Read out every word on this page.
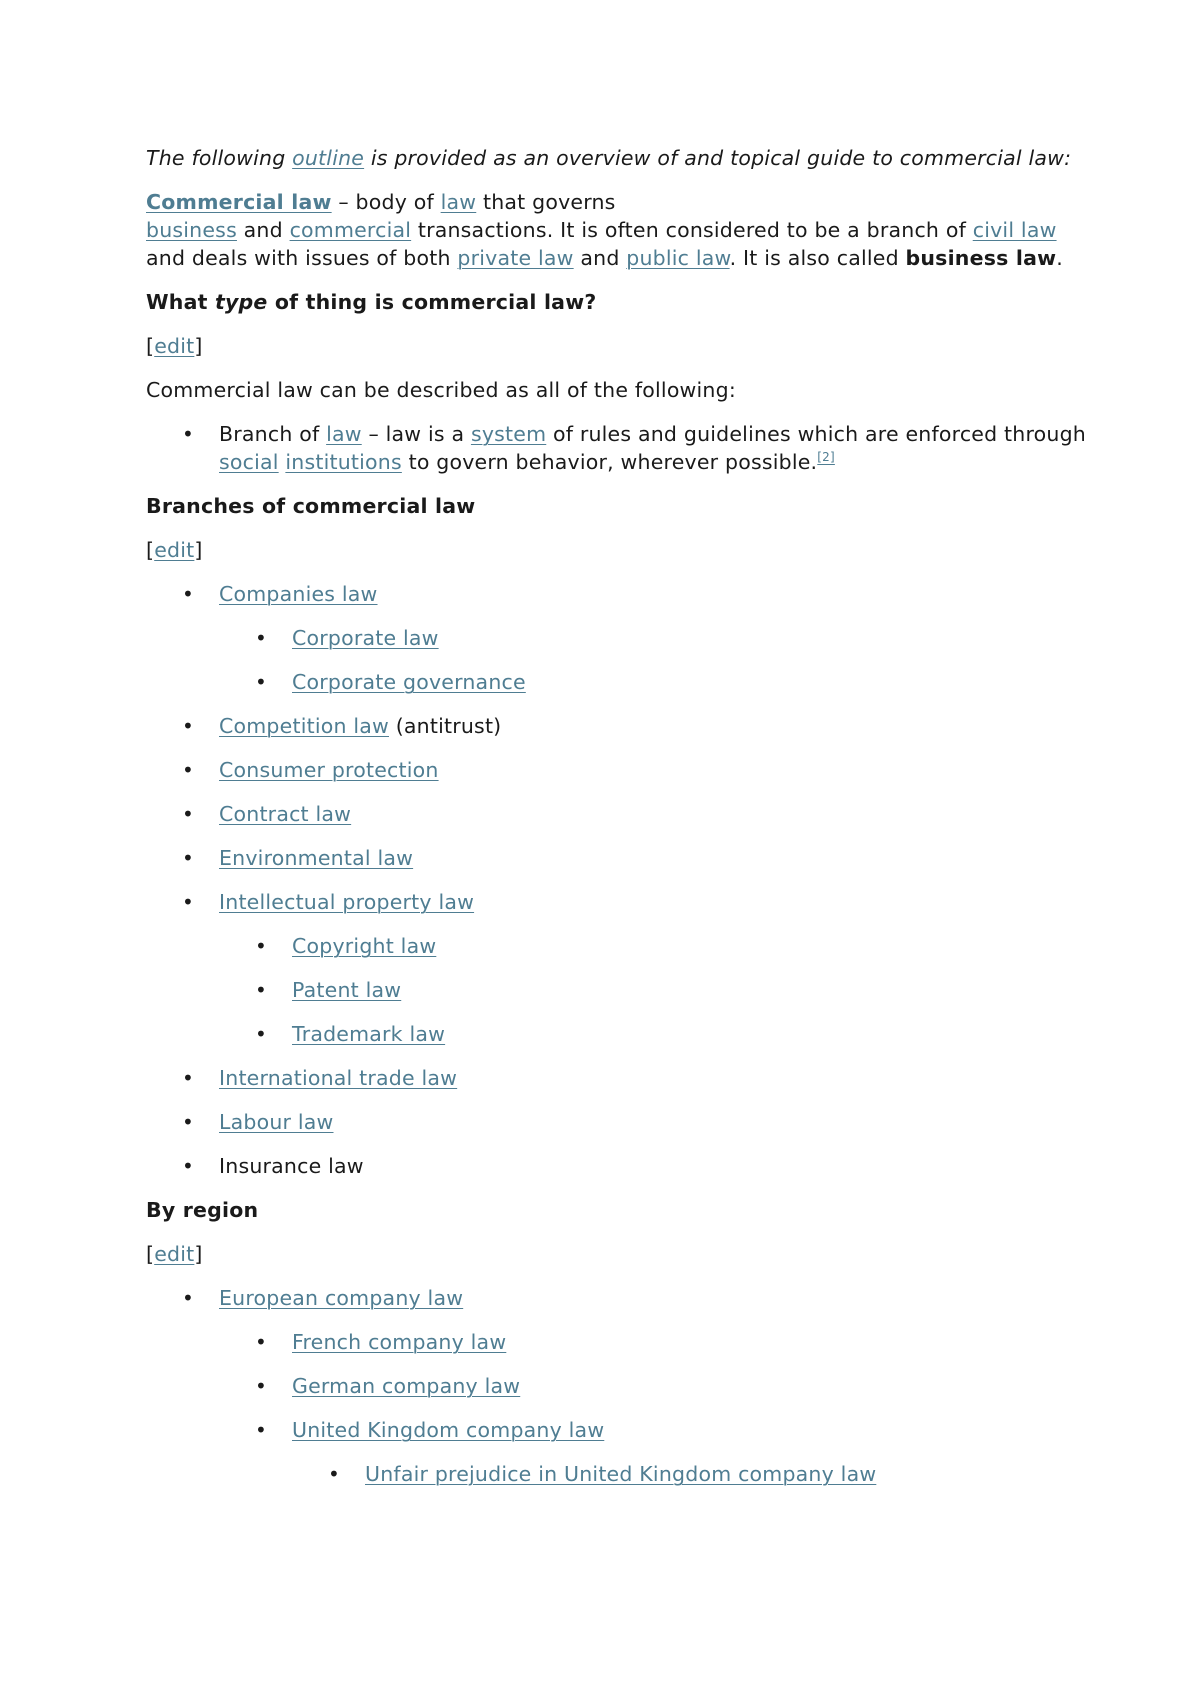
The following outline is provided as an overview of and topical guide to commercial law:

Commercial law – body of law that governs
business and commercial transactions. It is often considered to be a branch of civil law and deals with issues of both private law and public law. It is also called business law.

What type of thing is commercial law?

[edit]

Commercial law can be described as all of the following:

• Branch of law – law is a system of rules and guidelines which are enforced through social institutions to govern behavior, wherever possible.[2]

Branches of commercial law

[edit]

• Companies law
• Corporate law
• Corporate governance
• Competition law (antitrust)
• Consumer protection
• Contract law
• Environmental law
• Intellectual property law
• Copyright law
• Patent law
• Trademark law
• International trade law
• Labour law
• Insurance law

By region

[edit]

• European company law
• French company law
• German company law
• United Kingdom company law
• Unfair prejudice in United Kingdom company law
